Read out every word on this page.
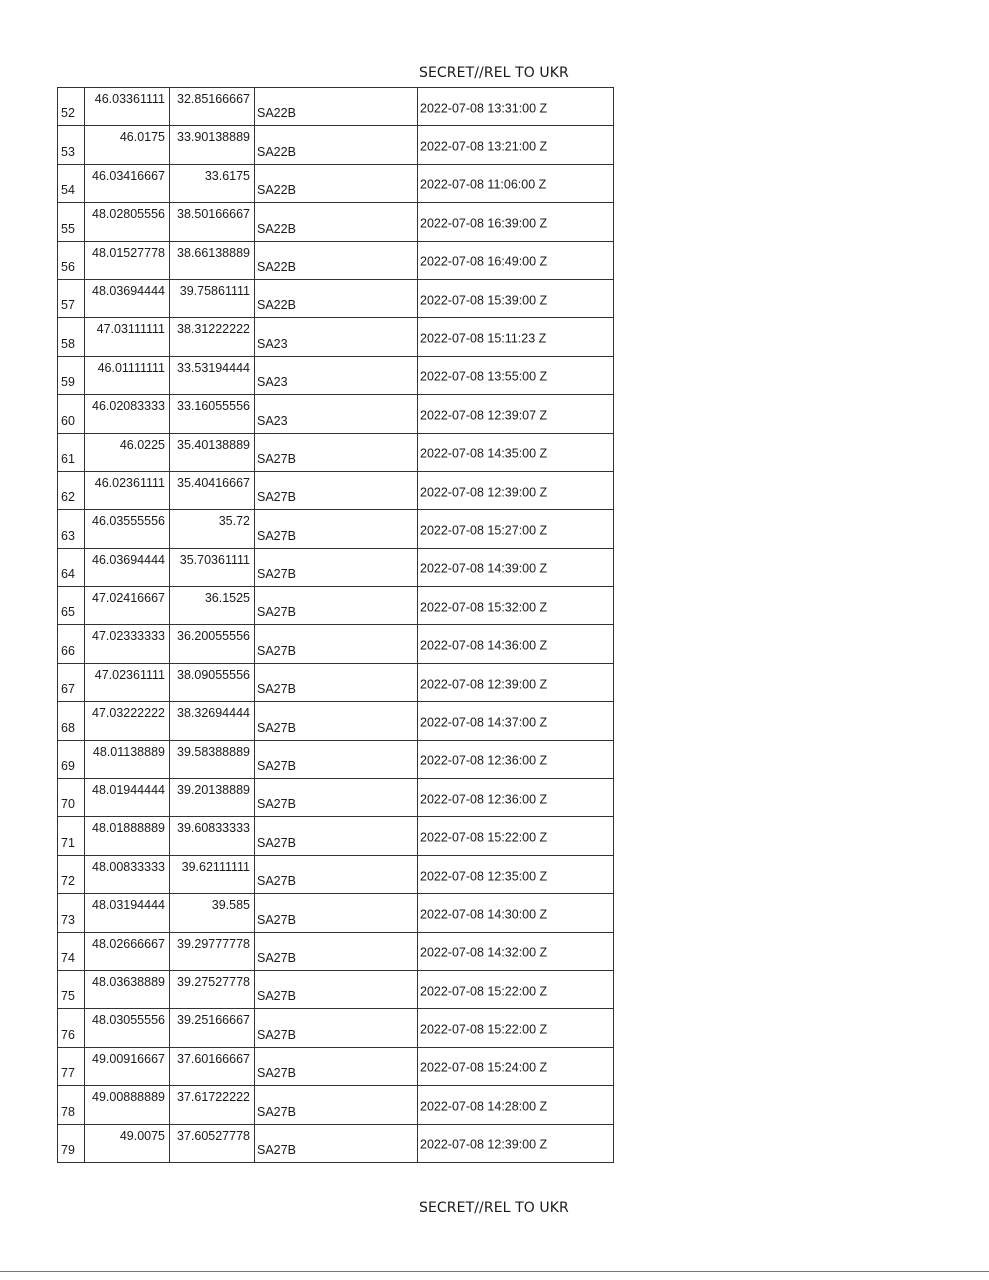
SECRET//REL TO UKR
52	46.03361111	32.85166667	SA22B	2022-07-08 13:31:00 Z

53	46.0175	33.90138889	SA22B	2022-07-08 13:21:00 Z

54	46.03416667	33.6175	SA22B	2022-07-08 11:06:00 Z

55	48.02805556	38.50166667	SA22B	2022-07-08 16:39:00 Z

56	48.01527778	38.66138889	SA22B	2022-07-08 16:49:00 Z

57	48.03694444	39.75861111	SA22B	2022-07-08 15:39:00 Z

58	47.03111111	38.31222222	SA23	2022-07-08 15:11:23 Z

59	46.01111111	33.53194444	SA23	2022-07-08 13:55:00 Z

60	46.02083333	33.16055556	SA23	2022-07-08 12:39:07 Z

61	46.0225	35.40138889	SA27B	2022-07-08 14:35:00 Z

62	46.02361111	35.40416667	SA27B	2022-07-08 12:39:00 Z

63	46.03555556	35.72	SA27B	2022-07-08 15:27:00 Z

64	46.03694444	35.70361111	SA27B	2022-07-08 14:39:00 Z

65	47.02416667	36.1525	SA27B	2022-07-08 15:32:00 Z

66	47.02333333	36.20055556	SA27B	2022-07-08 14:36:00 Z

67	47.02361111	38.09055556	SA27B	2022-07-08 12:39:00 Z

68	47.03222222	38.32694444	SA27B	2022-07-08 14:37:00 Z

69	48.01138889	39.58388889	SA27B	2022-07-08 12:36:00 Z

70	48.01944444	39.20138889	SA27B	2022-07-08 12:36:00 Z

71	48.01888889	39.60833333	SA27B	2022-07-08 15:22:00 Z

72	48.00833333	39.62111111	SA27B	2022-07-08 12:35:00 Z

73	48.03194444	39.585	SA27B	2022-07-08 14:30:00 Z

74	48.02666667	39.29777778	SA27B	2022-07-08 14:32:00 Z

75	48.03638889	39.27527778	SA27B	2022-07-08 15:22:00 Z

76	48.03055556	39.25166667	SA27B	2022-07-08 15:22:00 Z

77	49.00916667	37.60166667	SA27B	2022-07-08 15:24:00 Z

78	49.00888889	37.61722222	SA27B	2022-07-08 14:28:00 Z

79	49.0075	37.60527778	SA27B	2022-07-08 12:39:00 Z
SECRET//REL TO UKR
